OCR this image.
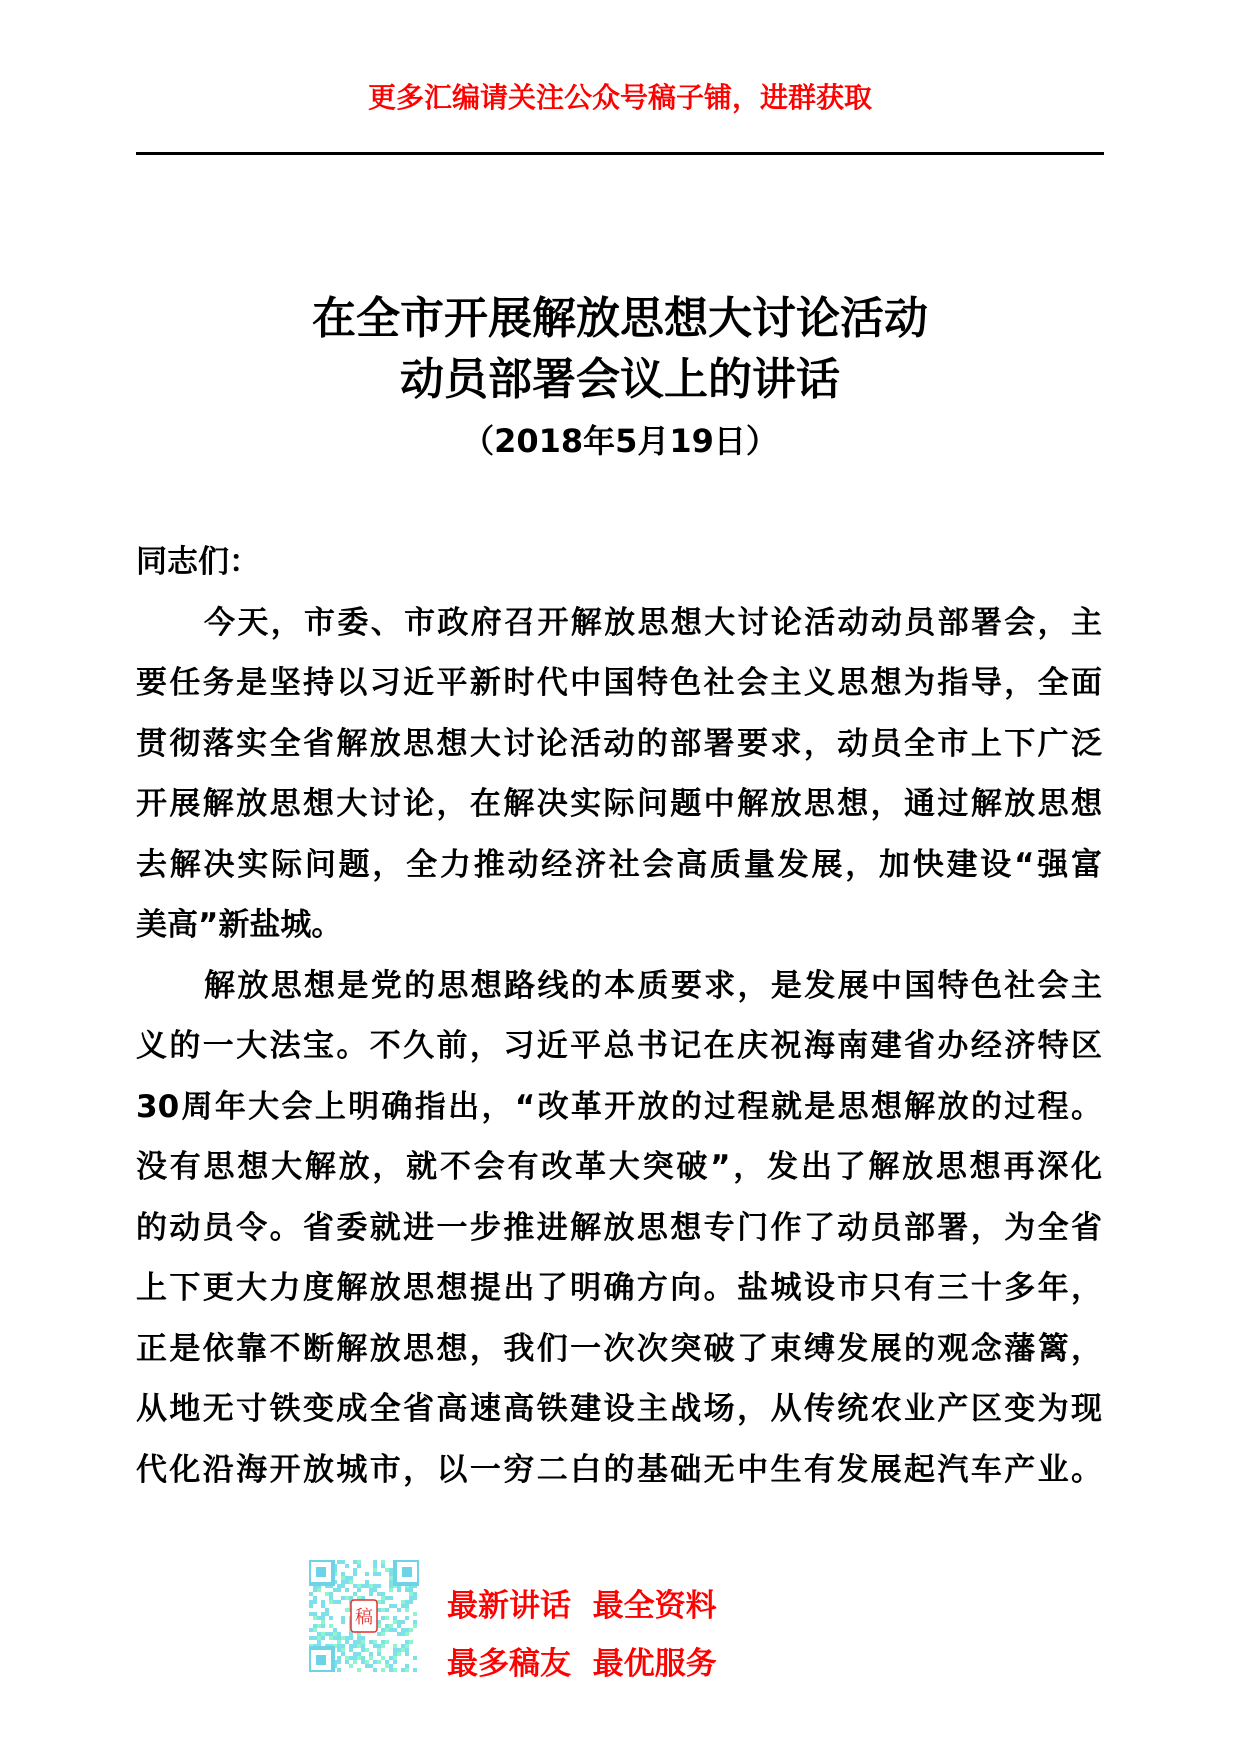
更多汇编请关注公众号稿子铺，进群获取
在全市开展解放思想大讨论活动
动员部署会议上的讲话
（2018年5月19日）
同志们：
今天，市委、市政府召开解放思想大讨论活动动员部署会，主
要任务是坚持以习近平新时代中国特色社会主义思想为指导，全面
贯彻落实全省解放思想大讨论活动的部署要求，动员全市上下广泛
开展解放思想大讨论，在解决实际问题中解放思想，通过解放思想
去解决实际问题，全力推动经济社会高质量发展，加快建设“强富
美高”新盐城。
解放思想是党的思想路线的本质要求，是发展中国特色社会主
义的一大法宝。不久前，习近平总书记在庆祝海南建省办经济特区
30周年大会上明确指出，“改革开放的过程就是思想解放的过程。
没有思想大解放，就不会有改革大突破”，发出了解放思想再深化
的动员令。省委就进一步推进解放思想专门作了动员部署，为全省
上下更大力度解放思想提出了明确方向。盐城设市只有三十多年，
正是依靠不断解放思想，我们一次次突破了束缚发展的观念藩篱，
从地无寸铁变成全省高速高铁建设主战场，从传统农业产区变为现
代化沿海开放城市，以一穷二白的基础无中生有发展起汽车产业。
稿 最新讲话  最全资料
最多稿友  最优服务
